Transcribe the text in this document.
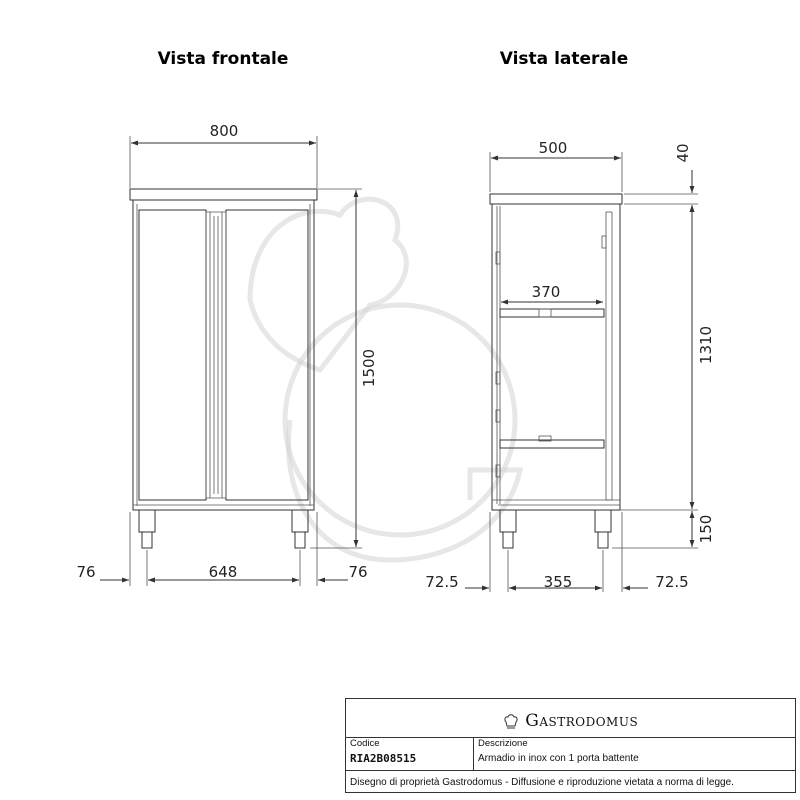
Vista frontale
800
1500
76	648	76
Vista laterale
500
370
40
1310
150
72.5	355	72.5
Gastrodomus
Codice
RIA2B08515
Descrizione
Armadio in inox con 1 porta battente
Disegno di proprietà Gastrodomus - Diffusione e riproduzione vietata a norma di legge.
